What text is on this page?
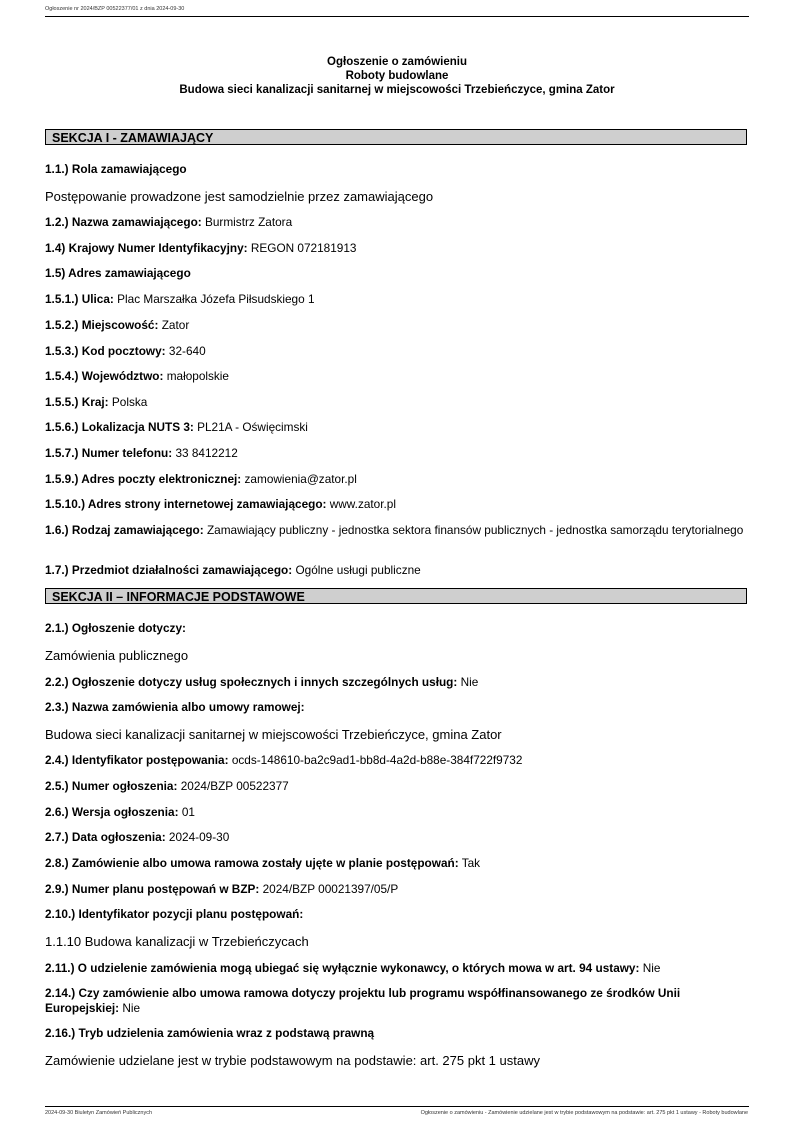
Ogłoszenie nr 2024/BZP 00522377/01 z dnia 2024-09-30
Ogłoszenie o zamówieniu
Roboty budowlane
Budowa sieci kanalizacji sanitarnej w miejscowości Trzebieńczyce, gmina Zator
SEKCJA I - ZAMAWIAJĄCY
1.1.) Rola zamawiającego
Postępowanie prowadzone jest samodzielnie przez zamawiającego
1.2.) Nazwa zamawiającego: Burmistrz Zatora
1.4) Krajowy Numer Identyfikacyjny: REGON 072181913
1.5) Adres zamawiającego
1.5.1.) Ulica: Plac Marszałka Józefa Piłsudskiego 1
1.5.2.) Miejscowość: Zator
1.5.3.) Kod pocztowy: 32-640
1.5.4.) Województwo: małopolskie
1.5.5.) Kraj: Polska
1.5.6.) Lokalizacja NUTS 3: PL21A - Oświęcimski
1.5.7.) Numer telefonu: 33 8412212
1.5.9.) Adres poczty elektronicznej: zamowienia@zator.pl
1.5.10.) Adres strony internetowej zamawiającego: www.zator.pl
1.6.) Rodzaj zamawiającego: Zamawiający publiczny - jednostka sektora finansów publicznych - jednostka samorządu terytorialnego
1.7.) Przedmiot działalności zamawiającego: Ogólne usługi publiczne
SEKCJA II – INFORMACJE PODSTAWOWE
2.1.) Ogłoszenie dotyczy:
Zamówienia publicznego
2.2.) Ogłoszenie dotyczy usług społecznych i innych szczególnych usług: Nie
2.3.) Nazwa zamówienia albo umowy ramowej:
Budowa sieci kanalizacji sanitarnej w miejscowości Trzebieńczyce, gmina Zator
2.4.) Identyfikator postępowania: ocds-148610-ba2c9ad1-bb8d-4a2d-b88e-384f722f9732
2.5.) Numer ogłoszenia: 2024/BZP 00522377
2.6.) Wersja ogłoszenia: 01
2.7.) Data ogłoszenia: 2024-09-30
2.8.) Zamówienie albo umowa ramowa zostały ujęte w planie postępowań: Tak
2.9.) Numer planu postępowań w BZP: 2024/BZP 00021397/05/P
2.10.) Identyfikator pozycji planu postępowań:
1.1.10 Budowa kanalizacji w Trzebieńczycach
2.11.) O udzielenie zamówienia mogą ubiegać się wyłącznie wykonawcy, o których mowa w art. 94 ustawy: Nie
2.14.) Czy zamówienie albo umowa ramowa dotyczy projektu lub programu współfinansowanego ze środków Unii Europejskiej: Nie
2.16.) Tryb udzielenia zamówienia wraz z podstawą prawną
Zamówienie udzielane jest w trybie podstawowym na podstawie: art. 275 pkt 1 ustawy
2024-09-30 Biuletyn Zamówień Publicznych	Ogłoszenie o zamówieniu - Zamówienie udzielane jest w trybie podstawowym na podstawie: art. 275 pkt 1 ustawy - Roboty budowlane
